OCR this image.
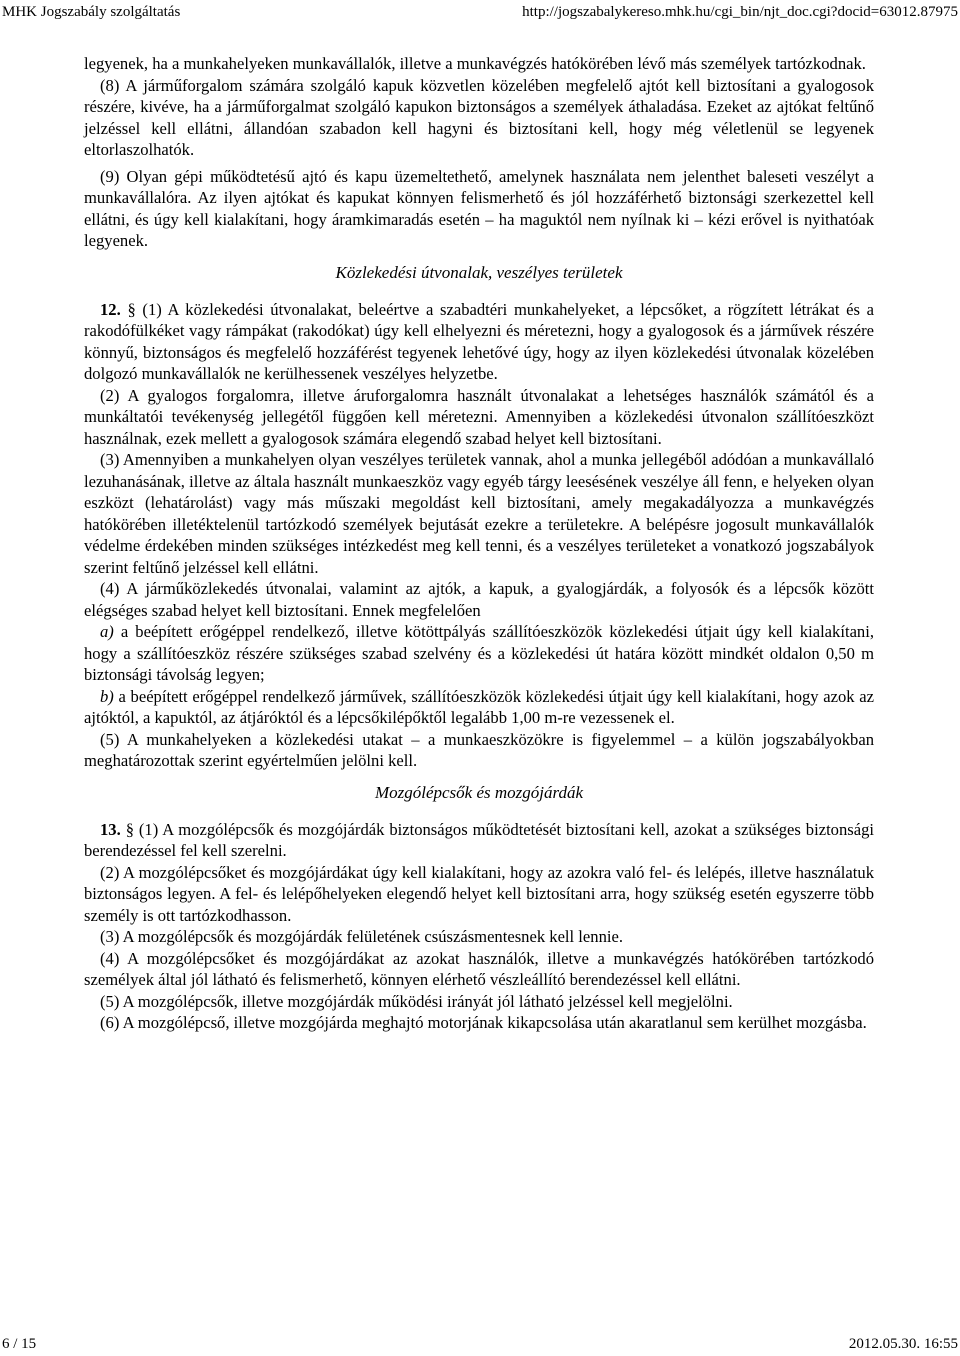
MHK Jogszabály szolgáltatás	http://jogszabalykereso.mhk.hu/cgi_bin/njt_doc.cgi?docid=63012.87975

legyenek, ha a munkahelyeken munkavállalók, illetve a munkavégzés hatókörében lévő más személyek tartózkodnak.

(8) A járműforgalom számára szolgáló kapuk közvetlen közelében megfelelő ajtót kell biztosítani a gyalogosok részére, kivéve, ha a járműforgalmat szolgáló kapukon biztonságos a személyek áthaladása. Ezeket az ajtókat feltűnő jelzéssel kell ellátni, állandóan szabadon kell hagyni és biztosítani kell, hogy még véletlenül se legyenek eltorlaszolhatók.

(9) Olyan gépi működtetésű ajtó és kapu üzemeltethető, amelynek használata nem jelenthet baleseti veszélyt a munkavállalóra. Az ilyen ajtókat és kapukat könnyen felismerhető és jól hozzáférhető biztonsági szerkezettel kell ellátni, és úgy kell kialakítani, hogy áramkimaradás esetén – ha maguktól nem nyílnak ki – kézi erővel is nyithatóak legyenek.

Közlekedési útvonalak, veszélyes területek

12. § (1) A közlekedési útvonalakat, beleértve a szabadtéri munkahelyeket, a lépcsőket, a rögzített létrákat és a rakodófülkéket vagy rámpákat (rakodókat) úgy kell elhelyezni és méretezni, hogy a gyalogosok és a járművek részére könnyű, biztonságos és megfelelő hozzáférést tegyenek lehetővé úgy, hogy az ilyen közlekedési útvonalak közelében dolgozó munkavállalók ne kerülhessenek veszélyes helyzetbe.

(2) A gyalogos forgalomra, illetve áruforgalomra használt útvonalakat a lehetséges használók számától és a munkáltatói tevékenység jellegétől függően kell méretezni. Amennyiben a közlekedési útvonalon szállítóeszközt használnak, ezek mellett a gyalogosok számára elegendő szabad helyet kell biztosítani.

(3) Amennyiben a munkahelyen olyan veszélyes területek vannak, ahol a munka jellegéből adódóan a munkavállaló lezuhanásának, illetve az általa használt munkaeszköz vagy egyéb tárgy leesésének veszélye áll fenn, e helyeken olyan eszközt (lehatárolást) vagy más műszaki megoldást kell biztosítani, amely megakadályozza a munkavégzés hatókörében illetéktelenül tartózkodó személyek bejutását ezekre a területekre. A belépésre jogosult munkavállalók védelme érdekében minden szükséges intézkedést meg kell tenni, és a veszélyes területeket a vonatkozó jogszabályok szerint feltűnő jelzéssel kell ellátni.

(4) A járműközlekedés útvonalai, valamint az ajtók, a kapuk, a gyalogjárdák, a folyosók és a lépcsők között elégséges szabad helyet kell biztosítani. Ennek megfelelően

a) a beépített erőgéppel rendelkező, illetve kötöttpályás szállítóeszközök közlekedési útjait úgy kell kialakítani, hogy a szállítóeszköz részére szükséges szabad szelvény és a közlekedési út határa között mindkét oldalon 0,50 m biztonsági távolság legyen;

b) a beépített erőgéppel rendelkező járművek, szállítóeszközök közlekedési útjait úgy kell kialakítani, hogy azok az ajtóktól, a kapuktól, az átjáróktól és a lépcsőkilépőktől legalább 1,00 m-re vezessenek el.

(5) A munkahelyeken a közlekedési utakat – a munkaeszközökre is figyelemmel – a külön jogszabályokban meghatározottak szerint egyértelműen jelölni kell.

Mozgólépcsők és mozgójárdák

13. § (1) A mozgólépcsők és mozgójárdák biztonságos működtetését biztosítani kell, azokat a szükséges biztonsági berendezéssel fel kell szerelni.

(2) A mozgólépcsőket és mozgójárdákat úgy kell kialakítani, hogy az azokra való fel- és lelépés, illetve használatuk biztonságos legyen. A fel- és lelépőhelyeken elegendő helyet kell biztosítani arra, hogy szükség esetén egyszerre több személy is ott tartózkodhasson.

(3) A mozgólépcsők és mozgójárdák felületének csúszásmentesnek kell lennie.

(4) A mozgólépcsőket és mozgójárdákat az azokat használók, illetve a munkavégzés hatókörében tartózkodó személyek által jól látható és felismerhető, könnyen elérhető vészleállító berendezéssel kell ellátni.

(5) A mozgólépcsők, illetve mozgójárdák működési irányát jól látható jelzéssel kell megjelölni.

(6) A mozgólépcső, illetve mozgójárda meghajtó motorjának kikapcsolása után akaratlanul sem kerülhet mozgásba.

6 / 15	2012.05.30. 16:55
